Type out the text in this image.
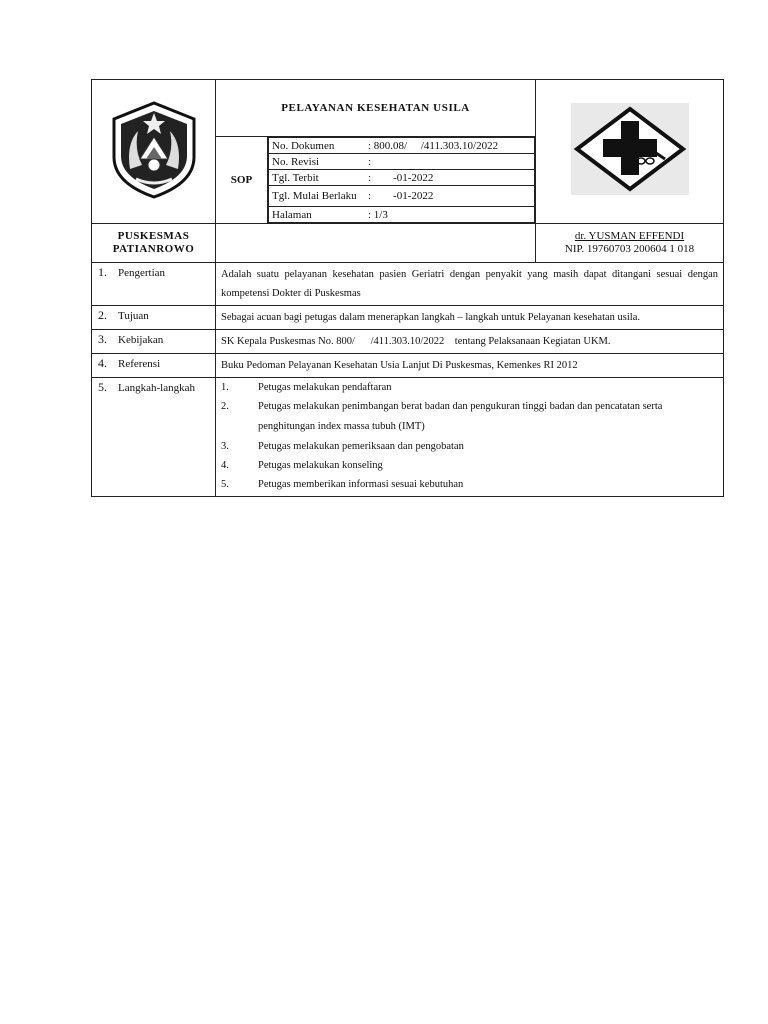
	PELAYANAN KESEHATAN USILA	
SOP	
No. Dokumen	: 800.08/     /411.303.10/2022
No. Revisi	:
Tgl. Terbit	:        -01-2022
Tgl. Mulai Berlaku	:        -01-2022
Halaman	: 1/3

PUSKESMAS
PATIANROWO

dr. YUSMAN EFFENDI
NIP. 19760703 200604 1 018

1. Pengertian	Adalah suatu pelayanan kesehatan pasien Geriatri dengan penyakit yang masih dapat ditangani sesuai dengan kompetensi Dokter di Puskesmas
2. Tujuan	Sebagai acuan bagi petugas dalam menerapkan langkah – langkah untuk Pelayanan kesehatan usila.
3. Kebijakan	SK Kepala Puskesmas No. 800/      /411.303.10/2022    tentang Pelaksanaan Kegiatan UKM.
4. Referensi	Buku Pedoman Pelayanan Kesehatan Usia Lanjut Di Puskesmas, Kemenkes RI 2012
5. Langkah-langkah	1.	Petugas melakukan pendaftaran
2.	Petugas melakukan penimbangan berat badan dan pengukuran tinggi badan dan pencatatan serta penghitungan index massa tubuh (IMT)
3.	Petugas melakukan pemeriksaan dan pengobatan
4.	Petugas melakukan konseling
5.	Petugas memberikan informasi sesuai kebutuhan
